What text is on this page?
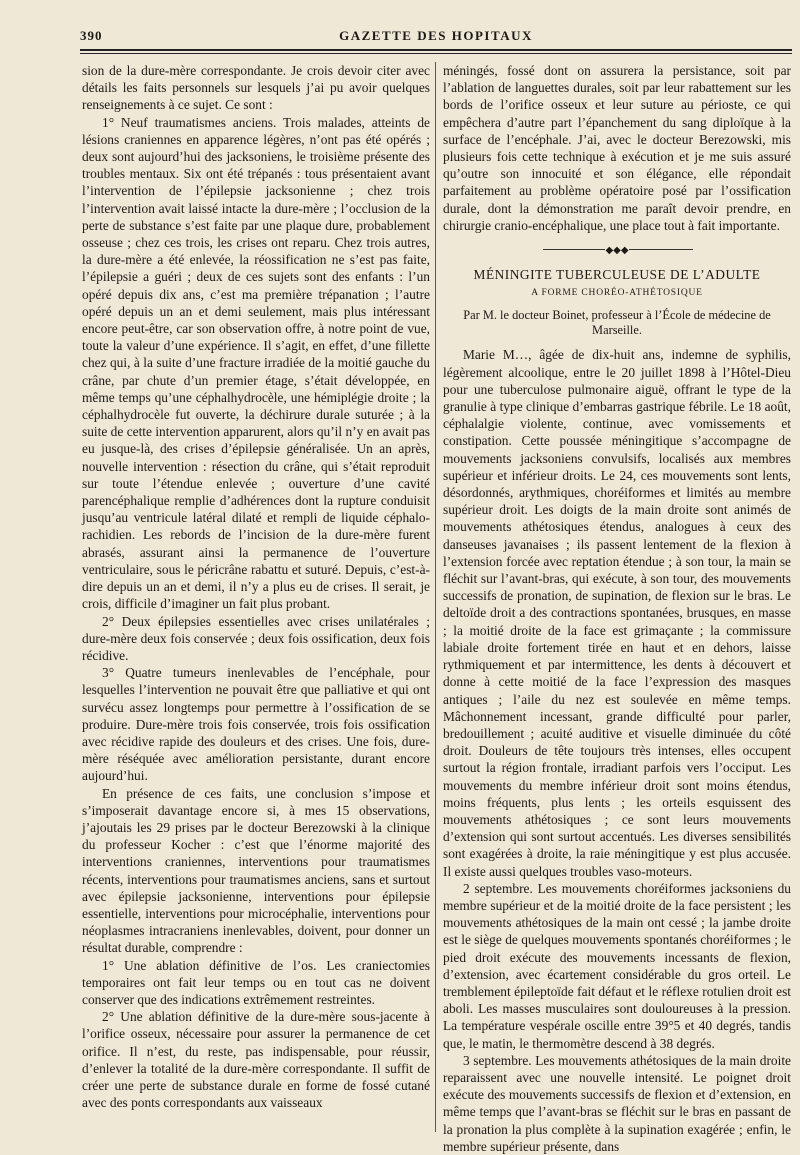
390	GAZETTE DES HOPITAUX

sion de la dure-mère correspondante. Je crois devoir citer avec détails les faits personnels sur lesquels j’ai pu avoir quelques renseignements à ce sujet. Ce sont :

1° Neuf traumatismes anciens. Trois malades, atteints de lésions craniennes en apparence légères, n’ont pas été opérés ; deux sont aujourd’hui des jacksoniens, le troisième présente des troubles mentaux. Six ont été trépanés : tous présentaient avant l’intervention de l’épilepsie jacksonienne ; chez trois l’intervention avait laissé intacte la dure-mère ; l’occlusion de la perte de substance s’est faite par une plaque dure, probablement osseuse ; chez ces trois, les crises ont reparu. Chez trois autres, la dure-mère a été enlevée, la réossification ne s’est pas faite, l’épilepsie a guéri ; deux de ces sujets sont des enfants : l’un opéré depuis dix ans, c’est ma première trépanation ; l’autre opéré depuis un an et demi seulement, mais plus intéressant encore peut-être, car son observation offre, à notre point de vue, toute la valeur d’une expérience. Il s’agit, en effet, d’une fillette chez qui, à la suite d’une fracture irradiée de la moitié gauche du crâne, par chute d’un premier étage, s’était développée, en même temps qu’une céphalhydrocèle, une hémiplégie droite ; la céphalhydrocèle fut ouverte, la déchirure durale suturée ; à la suite de cette intervention apparurent, alors qu’il n’y en avait pas eu jusque-là, des crises d’épilepsie généralisée. Un an après, nouvelle intervention : résection du crâne, qui s’était reproduit sur toute l’étendue enlevée ; ouverture d’une cavité parencéphalique remplie d’adhérences dont la rupture conduisit jusqu’au ventricule latéral dilaté et rempli de liquide céphalo-rachidien. Les rebords de l’incision de la dure-mère furent abrasés, assurant ainsi la permanence de l’ouverture ventriculaire, sous le péricrâne rabattu et suturé. Depuis, c’est-à-dire depuis un an et demi, il n’y a plus eu de crises. Il serait, je crois, difficile d’imaginer un fait plus probant.

2° Deux épilepsies essentielles avec crises unilatérales ; dure-mère deux fois conservée ; deux fois ossification, deux fois récidive.

3° Quatre tumeurs inenlevables de l’encéphale, pour lesquelles l’intervention ne pouvait être que palliative et qui ont survécu assez longtemps pour permettre à l’ossification de se produire. Dure-mère trois fois conservée, trois fois ossification avec récidive rapide des douleurs et des crises. Une fois, dure-mère réséquée avec amélioration persistante, durant encore aujourd’hui.

En présence de ces faits, une conclusion s’impose et s’imposerait davantage encore si, à mes 15 observations, j’ajoutais les 29 prises par le docteur Berezowski à la clinique du professeur Kocher : c’est que l’énorme majorité des interventions craniennes, interventions pour traumatismes récents, interventions pour traumatismes anciens, sans et surtout avec épilepsie jacksonienne, interventions pour épilepsie essentielle, interventions pour microcéphalie, interventions pour néoplasmes intracraniens inenlevables, doivent, pour donner un résultat durable, comprendre :

1° Une ablation définitive de l’os. Les craniectomies temporaires ont fait leur temps ou en tout cas ne doivent conserver que des indications extrêmement restreintes.

2° Une ablation définitive de la dure-mère sous-jacente à l’orifice osseux, nécessaire pour assurer la permanence de cet orifice. Il n’est, du reste, pas indispensable, pour réussir, d’enlever la totalité de la dure-mère correspondante. Il suffit de créer une perte de substance durale en forme de fossé cutané avec des ponts correspondants aux vaisseaux

méningés, fossé dont on assurera la persistance, soit par l’ablation de languettes durales, soit par leur rabattement sur les bords de l’orifice osseux et leur suture au périoste, ce qui empêchera d’autre part l’épanchement du sang diploïque à la surface de l’encéphale. J’ai, avec le docteur Berezowski, mis plusieurs fois cette technique à exécution et je me suis assuré qu’outre son innocuité et son élégance, elle répondait parfaitement au problème opératoire posé par l’ossification durale, dont la démonstration me paraît devoir prendre, en chirurgie cranio-encéphalique, une place tout à fait importante.

◆◆◆
MÉNINGITE TUBERCULEUSE DE L’ADULTE
A FORME CHORÉO-ATHÉTOSIQUE
Par M. le docteur Boinet, professeur à l’École de médecine de Marseille.

Marie M…, âgée de dix-huit ans, indemne de syphilis, légèrement alcoolique, entre le 20 juillet 1898 à l’Hôtel-Dieu pour une tuberculose pulmonaire aiguë, offrant le type de la granulie à type clinique d’embarras gastrique fébrile. Le 18 août, céphalalgie violente, continue, avec vomissements et constipation. Cette poussée méningitique s’accompagne de mouvements jacksoniens convulsifs, localisés aux membres supérieur et inférieur droits. Le 24, ces mouvements sont lents, désordonnés, arythmiques, choréiformes et limités au membre supérieur droit. Les doigts de la main droite sont animés de mouvements athétosiques étendus, analogues à ceux des danseuses javanaises ; ils passent lentement de la flexion à l’extension forcée avec reptation étendue ; à son tour, la main se fléchit sur l’avant-bras, qui exécute, à son tour, des mouvements successifs de pronation, de supination, de flexion sur le bras. Le deltoïde droit a des contractions spontanées, brusques, en masse ; la moitié droite de la face est grimaçante ; la commissure labiale droite fortement tirée en haut et en dehors, laisse rythmiquement et par intermittence, les dents à découvert et donne à cette moitié de la face l’expression des masques antiques ; l’aile du nez est soulevée en même temps. Mâchonnement incessant, grande difficulté pour parler, bredouillement ; acuité auditive et visuelle diminuée du côté droit. Douleurs de tête toujours très intenses, elles occupent surtout la région frontale, irradiant parfois vers l’occiput. Les mouvements du membre inférieur droit sont moins étendus, moins fréquents, plus lents ; les orteils esquissent des mouvements athétosiques ; ce sont leurs mouvements d’extension qui sont surtout accentués. Les diverses sensibilités sont exagérées à droite, la raie méningitique y est plus accusée. Il existe aussi quelques troubles vaso-moteurs.

2 septembre. Les mouvements choréiformes jacksoniens du membre supérieur et de la moitié droite de la face persistent ; les mouvements athétosiques de la main ont cessé ; la jambe droite est le siège de quelques mouvements spontanés choréiformes ; le pied droit exécute des mouvements incessants de flexion, d’extension, avec écartement considérable du gros orteil. Le tremblement épileptoïde fait défaut et le réflexe rotulien droit est aboli. Les masses musculaires sont douloureuses à la pression. La température vespérale oscille entre 39°5 et 40 degrés, tandis que, le matin, le thermomètre descend à 38 degrés.

3 septembre. Les mouvements athétosiques de la main droite reparaissent avec une nouvelle intensité. Le poignet droit exécute des mouvements successifs de flexion et d’extension, en même temps que l’avant-bras se fléchit sur le bras en passant de la pronation la plus complète à la supination exagérée ; enfin, le membre supérieur présente, dans
